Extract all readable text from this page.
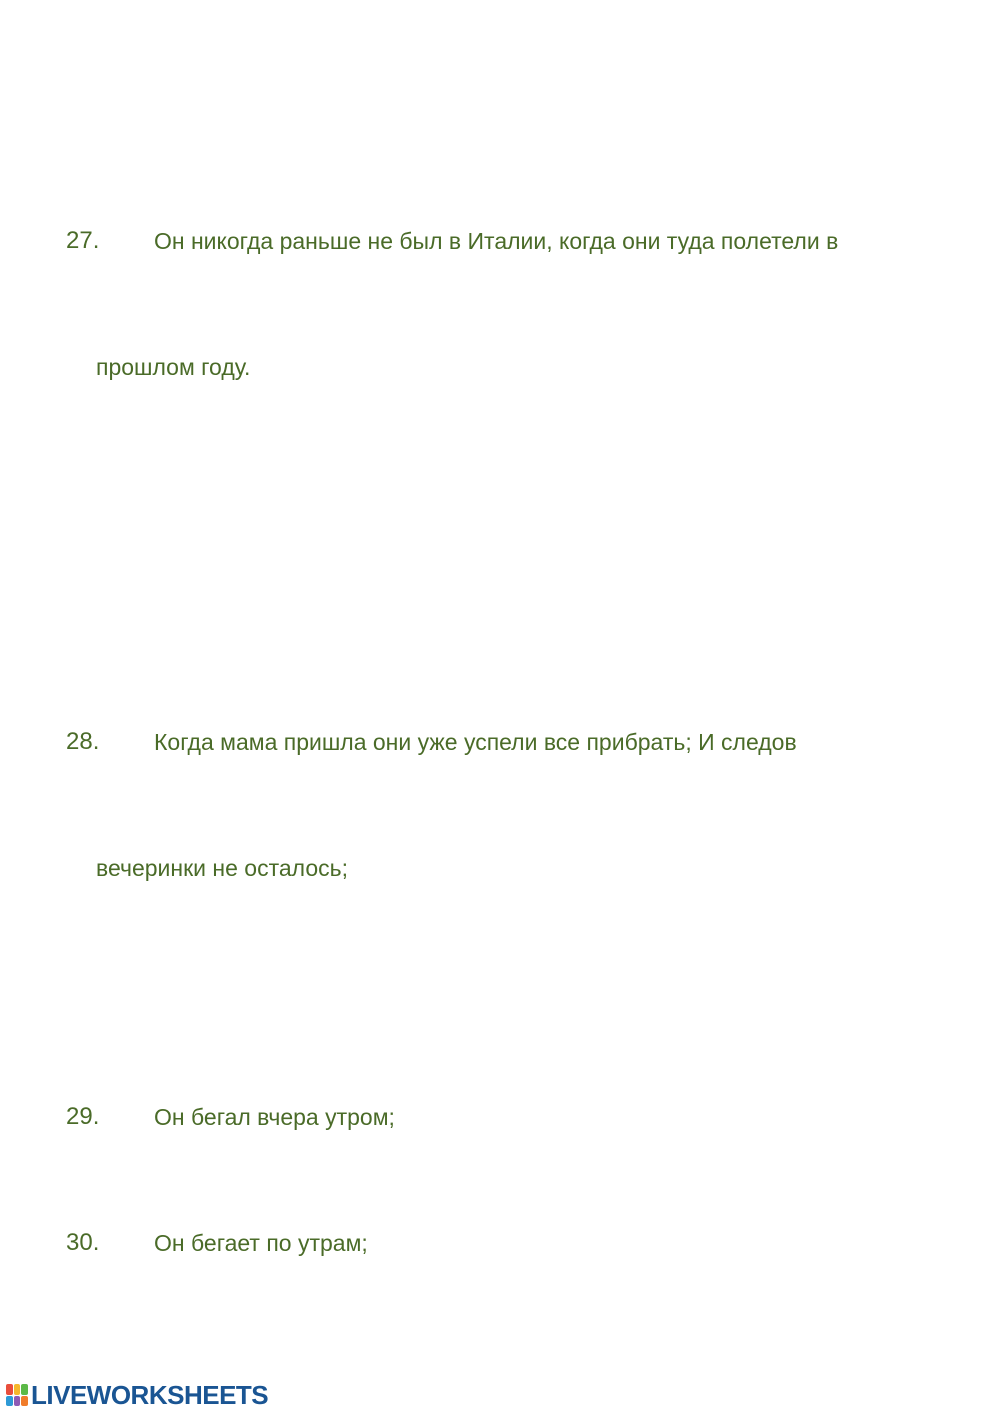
27. Он никогда раньше не был в Италии, когда они туда полетели в
прошлом году.
28. Когда мама пришла они уже успели все прибрать; И следов
вечеринки не осталось;
29. Он бегал вчера утром;
30. Он бегает по утрам;
LIVEWORKSHEETS
